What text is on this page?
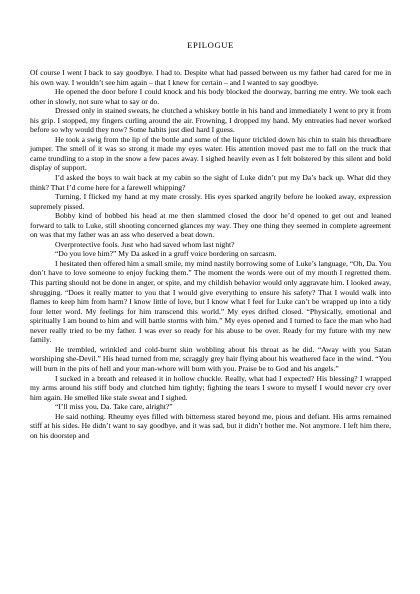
EPILOGUE

Of course I went I back to say goodbye. I had to. Despite what had passed between us my father had cared for me in his own way. I wouldn’t see him again – that I knew for certain – and I wanted to say goodbye.

He opened the door before I could knock and his body blocked the doorway, barring me entry. We took each other in slowly, not sure what to say or do.

Dressed only in stained sweats, he clutched a whiskey bottle in his hand and immediately I went to pry it from his grip. I stopped, my fingers curling around the air. Frowning, I dropped my hand. My entreaties had never worked before so why would they now? Some habits just died hard I guess.

He took a swig from the lip of the bottle and some of the liquor trickled down his chin to stain his threadbare jumper. The smell of it was so strong it made my eyes water. His attention moved past me to fall on the truck that came trundling to a stop in the snow a few paces away. I sighed heavily even as I felt bolstered by this silent and bold display of support.

I’d asked the boys to wait back at my cabin so the sight of Luke didn’t put my Da’s back up. What did they think? That I’d come here for a farewell whipping?

Turning, I flicked my hand at my mate crossly. His eyes sparked angrily before he looked away, expression supremely pissed.

Bobby kind of bobbed his head at me then slammed closed the door he’d opened to get out and leaned forward to talk to Luke, still shooting concerned glances my way. They one thing they seemed in complete agreement on was that my father was an ass who deserved a beat down.

Overprotective fools. Just who had saved whom last night?

“Do you love him?” My Da asked in a gruff voice bordering on sarcasm.

I hesitated then offered him a small smile, my mind nastily borrowing some of Luke’s language, “Oh, Da. You don’t have to love someone to enjoy fucking them.” The moment the words were out of my mouth I regretted them. This parting should not be done in anger, or spite, and my childish behavior would only aggravate him. I looked away, shrugging. “Does it really matter to you that I would give everything to ensure his safety? That I would walk into flames to keep him from harm? I know little of love, but I know what I feel for Luke can’t be wrapped up into a tidy four letter word. My feelings for him transcend this world.” My eyes drifted closed. “Physically, emotional and spiritually I am bound to him and will battle storms with him.” My eyes opened and I turned to face the man who had never really tried to be my father. I was ever so ready for his abuse to be over. Ready for my future with my new family.

He trembled, wrinkled and cold-burnt skin wobbling about his throat as he did. “Away with you Satan worshiping she-Devil.” His head turned from me, scraggly grey hair flying about his weathered face in the wind. “You will burn in the pits of hell and your man-whore will burn with you. Praise be to God and his angels.”

I sucked in a breath and released it in hollow chuckle. Really, what had I expected? His blessing? I wrapped my arms around his stiff body and clutched him tightly; fighting the tears I swore to myself I would never cry over him again. He smelled like stale sweat and I sighed.

“I’ll miss you, Da. Take care, alright?”

He said nothing. Rheumy eyes filled with bitterness stared beyond me, pious and defiant. His arms remained stiff at his sides. He didn’t want to say goodbye, and it was sad, but it didn’t bother me. Not anymore. I left him there, on his doorstep and
